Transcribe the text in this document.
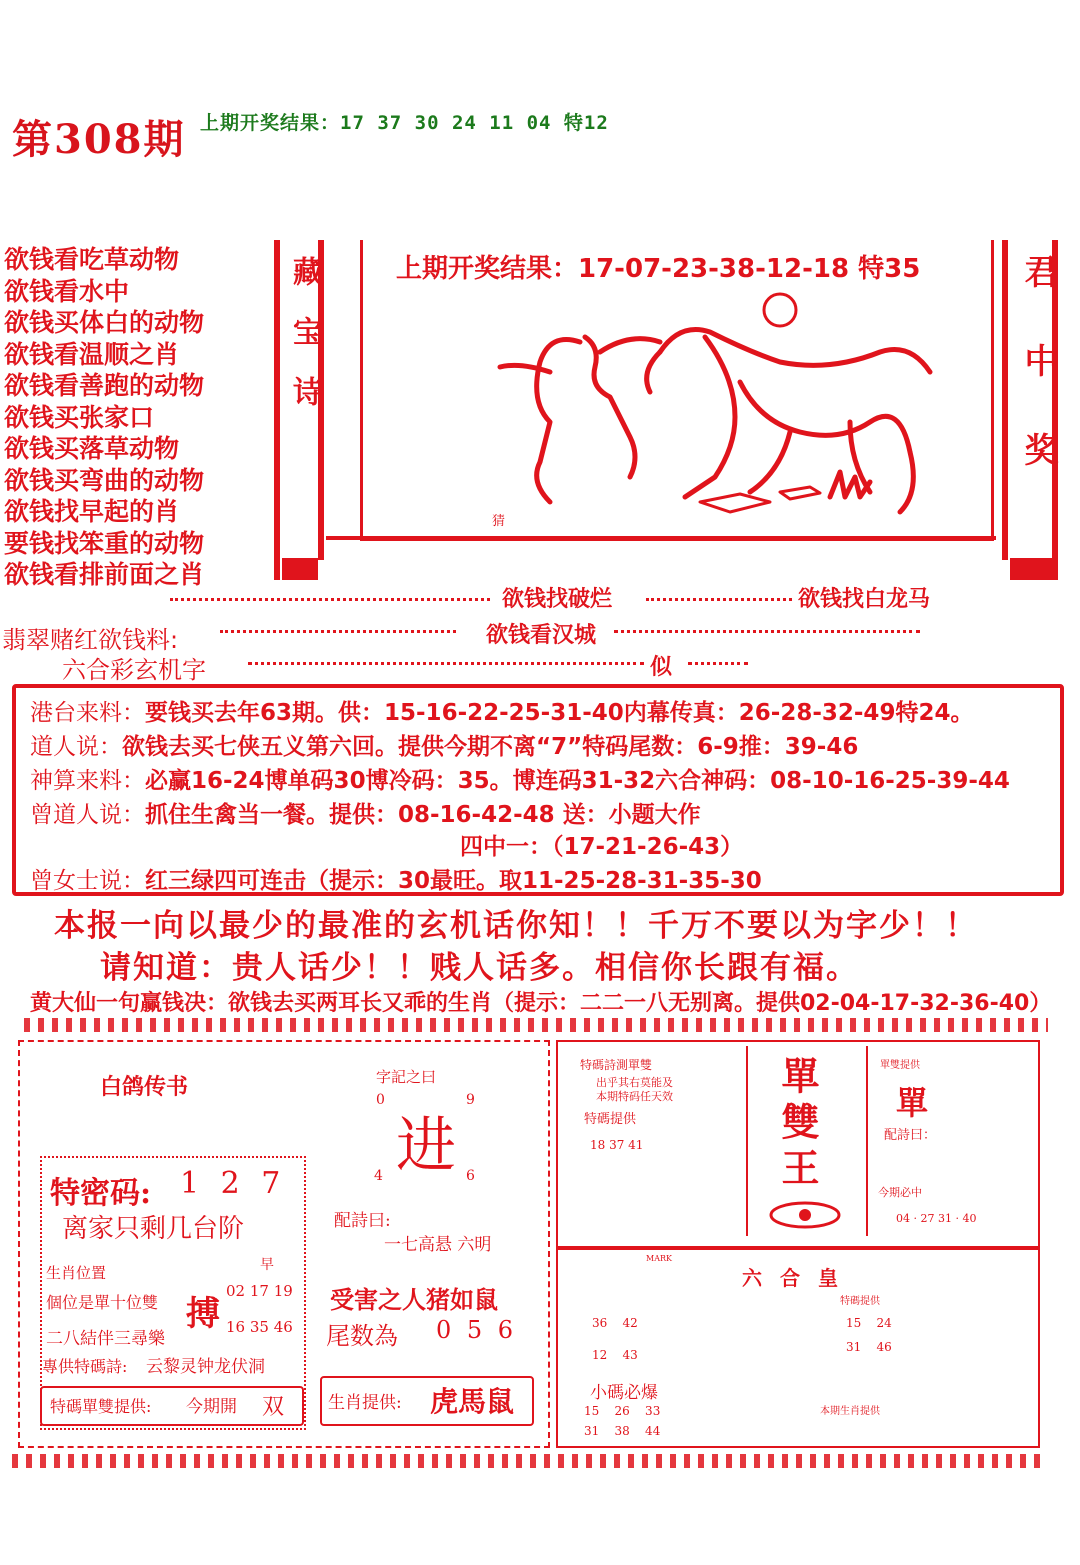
第308期 上期开奖结果：17 37 30 24 11 04 特12
欲钱看吃草动物
欲钱看水中
欲钱买体白的动物
欲钱看温顺之肖
欲钱看善跑的动物
欲钱买张家口
欲钱买落草动物
欲钱买弯曲的动物
欲钱找早起的肖
要钱找笨重的动物
欲钱看排前面之肖
藏宝诗	上期开奖结果：17-07-23-38-12-18 特35
猜
君中奖
欲钱找破烂	欲钱找白龙马
翡翠赌红欲钱料:	欲钱看汉城
六合彩玄机字	似
港台来料：要钱买去年63期。供：15-16-22-25-31-40内幕传真：26-28-32-49特24。
道人说：欲钱去买七侠五义第六回。提供今期不离“7”特码尾数：6-9推：39-46
神算来料：必赢16-24博单码30博冷码：35。博连码31-32六合神码：08-10-16-25-39-44
曾道人说：抓住生禽当一餐。提供：08-16-42-48 送：小题大作
四中一：（17-21-26-43）
曾女士说：红三绿四可连击（提示：30最旺。取11-25-28-31-35-30
本报一向以最少的最准的玄机话你知！！千万不要以为字少！！
请知道：贵人话少！！贱人话多。相信你长跟有福。
黄大仙一句赢钱决：欲钱去买两耳长又乖的生肖（提示：二二一八无别离。提供02-04-17-32-36-40）
白鸽传书
特密码: 1 2 7
离家只剩几台阶
生肖位置
個位是單十位雙
二八結伴三尋樂
搏
早
02 17 19
16 35 46
專供特碼詩: 云黎灵钟龙伏洞
特碼單雙提供: 今期開 双
字記之曰
0	9
进
4	6
配詩曰:
一七高悬 六明
受害之人猪如鼠
尾数為 0 5 6
生肖提供: 虎馬鼠
特碼詩測單雙
出乎其右莫能及
本期特码任天效
特碼提供
18 37 41	單雙王	單雙提供
單
配詩曰：
今期必中
04 · 27 31 · 40
六合皇
36    42
12    43
小碼必爆
15    26    33
31    38    44
特碼提供
15    24
31    46
本期生肖提供
MARK
